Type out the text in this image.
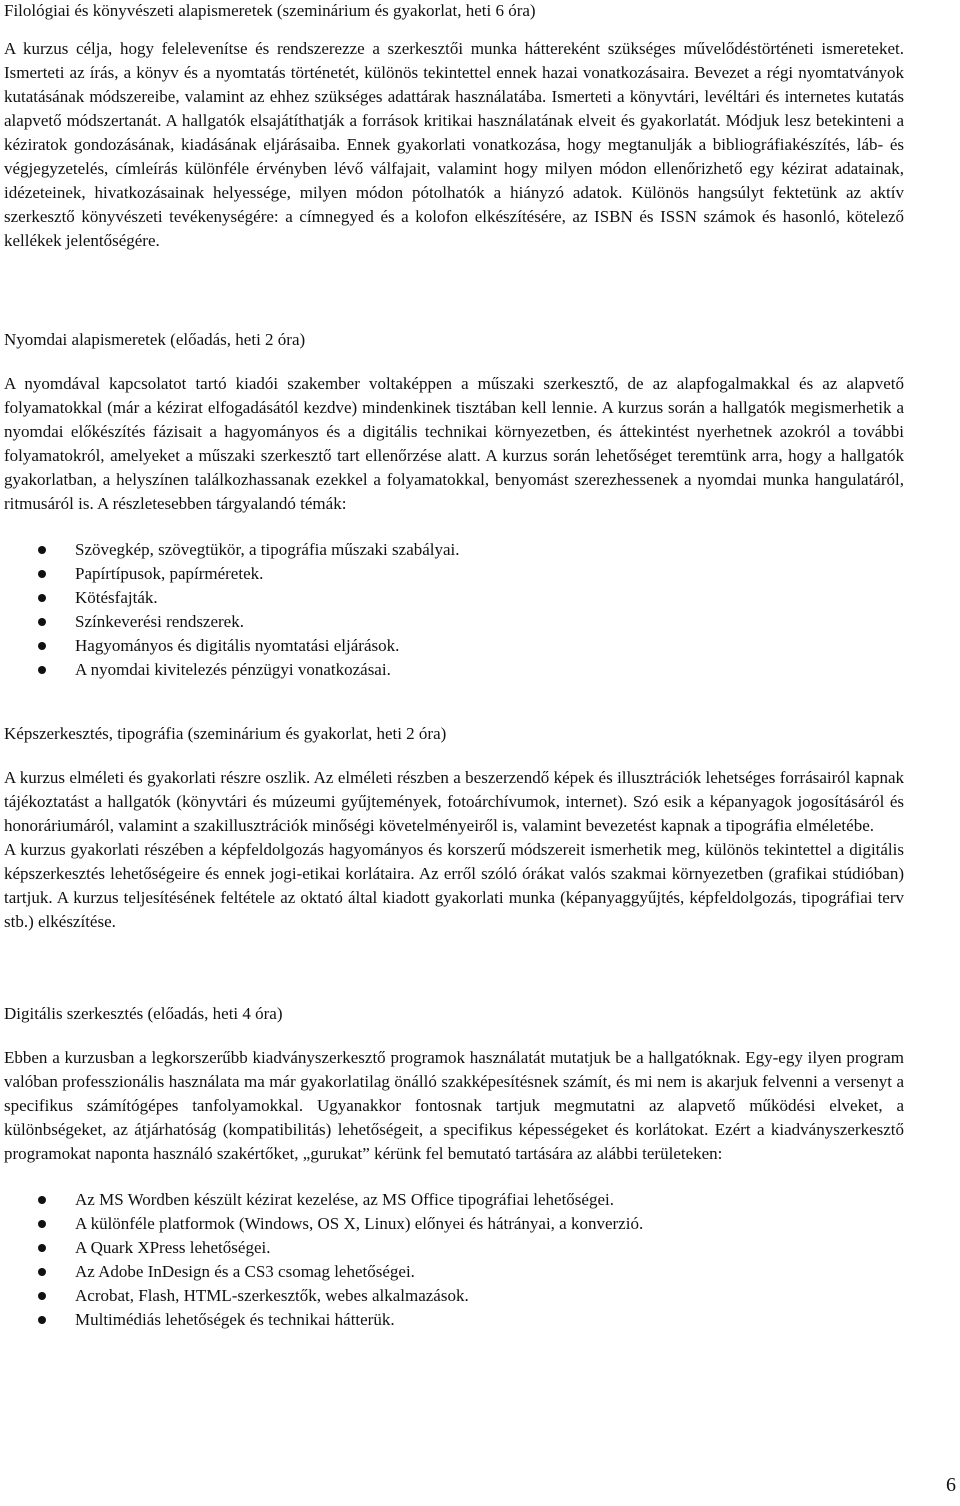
Filológiai és könyvészeti alapismeretek (szeminárium és gyakorlat, heti 6 óra)

A kurzus célja, hogy felelevenítse és rendszerezze a szerkesztői munka háttereként szükséges művelődéstörténeti ismereteket. Ismerteti az írás, a könyv és a nyomtatás történetét, különös tekintettel ennek hazai vonatkozásaira. Bevezet a régi nyomtatványok kutatásának módszereibe, valamint az ehhez szükséges adattárak használatába. Ismerteti a könyvtári, levéltári és internetes kutatás alapvető módszertanát. A hallgatók elsajátíthatják a források kritikai használatának elveit és gyakorlatát. Módjuk lesz betekinteni a kéziratok gondozásának, kiadásának eljárásaiba. Ennek gyakorlati vonatkozása, hogy megtanulják a bibliográfiakészítés, láb- és végjegyzetelés, címleírás különféle érvényben lévő válfajait, valamint hogy milyen módon ellenőrizhető egy kézirat adatainak, idézeteinek, hivatkozásainak helyessége, milyen módon pótolhatók a hiányzó adatok. Különös hangsúlyt fektetünk az aktív szerkesztő könyvészeti tevékenységére: a címnegyed és a kolofon elkészítésére, az ISBN és ISSN számok és hasonló, kötelező kellékek jelentőségére.

Nyomdai alapismeretek (előadás, heti 2 óra)

A nyomdával kapcsolatot tartó kiadói szakember voltaképpen a műszaki szerkesztő, de az alapfogalmakkal és az alapvető folyamatokkal (már a kézirat elfogadásától kezdve) mindenkinek tisztában kell lennie. A kurzus során a hallgatók megismerhetik a nyomdai előkészítés fázisait a hagyományos és a digitális technikai környezetben, és áttekintést nyerhetnek azokról a további folyamatokról, amelyeket a műszaki szerkesztő tart ellenőrzése alatt. A kurzus során lehetőséget teremtünk arra, hogy a hallgatók gyakorlatban, a helyszínen találkozhassanak ezekkel a folyamatokkal, benyomást szerezhessenek a nyomdai munka hangulatáról, ritmusáról is. A részletesebben tárgyalandó témák:

Szövegkép, szövegtükör, a tipográfia műszaki szabályai.
Papírtípusok, papírméretek.
Kötésfajták.
Színkeverési rendszerek.
Hagyományos és digitális nyomtatási eljárások.
A nyomdai kivitelezés pénzügyi vonatkozásai.
Képszerkesztés, tipográfia (szeminárium és gyakorlat, heti 2 óra)

A kurzus elméleti és gyakorlati részre oszlik. Az elméleti részben a beszerzendő képek és illusztrációk lehetséges forrásairól kapnak tájékoztatást a hallgatók (könyvtári és múzeumi gyűjtemények, fotoárchívumok, internet). Szó esik a képanyagok jogosításáról és honoráriumáról, valamint a szakillusztrációk minőségi követelményeiről is, valamint bevezetést kapnak a tipográfia elméletébe.

A kurzus gyakorlati részében a képfeldolgozás hagyományos és korszerű módszereit ismerhetik meg, különös tekintettel a digitális képszerkesztés lehetőségeire és ennek jogi-etikai korlátaira. Az erről szóló órákat valós szakmai környezetben (grafikai stúdióban) tartjuk. A kurzus teljesítésének feltétele az oktató által kiadott gyakorlati munka (képanyaggyűjtés, képfeldolgozás, tipográfiai terv stb.) elkészítése.

Digitális szerkesztés (előadás, heti 4 óra)

Ebben a kurzusban a legkorszerűbb kiadványszerkesztő programok használatát mutatjuk be a hallgatóknak. Egy-egy ilyen program valóban professzionális használata ma már gyakorlatilag önálló szakképesítésnek számít, és mi nem is akarjuk felvenni a versenyt a specifikus számítógépes tanfolyamokkal. Ugyanakkor fontosnak tartjuk megmutatni az alapvető működési elveket, a különbségeket, az átjárhatóság (kompatibilitás) lehetőségeit, a specifikus képességeket és korlátokat. Ezért a kiadványszerkesztő programokat naponta használó szakértőket, „gurukat” kérünk fel bemutató tartására az alábbi területeken:

Az MS Wordben készült kézirat kezelése, az MS Office tipográfiai lehetőségei.
A különféle platformok (Windows, OS X, Linux) előnyei és hátrányai, a konverzió.
A Quark XPress lehetőségei.
Az Adobe InDesign és a CS3 csomag lehetőségei.
Acrobat, Flash, HTML-szerkesztők, webes alkalmazások.
Multimédiás lehetőségek és technikai hátterük.
6
